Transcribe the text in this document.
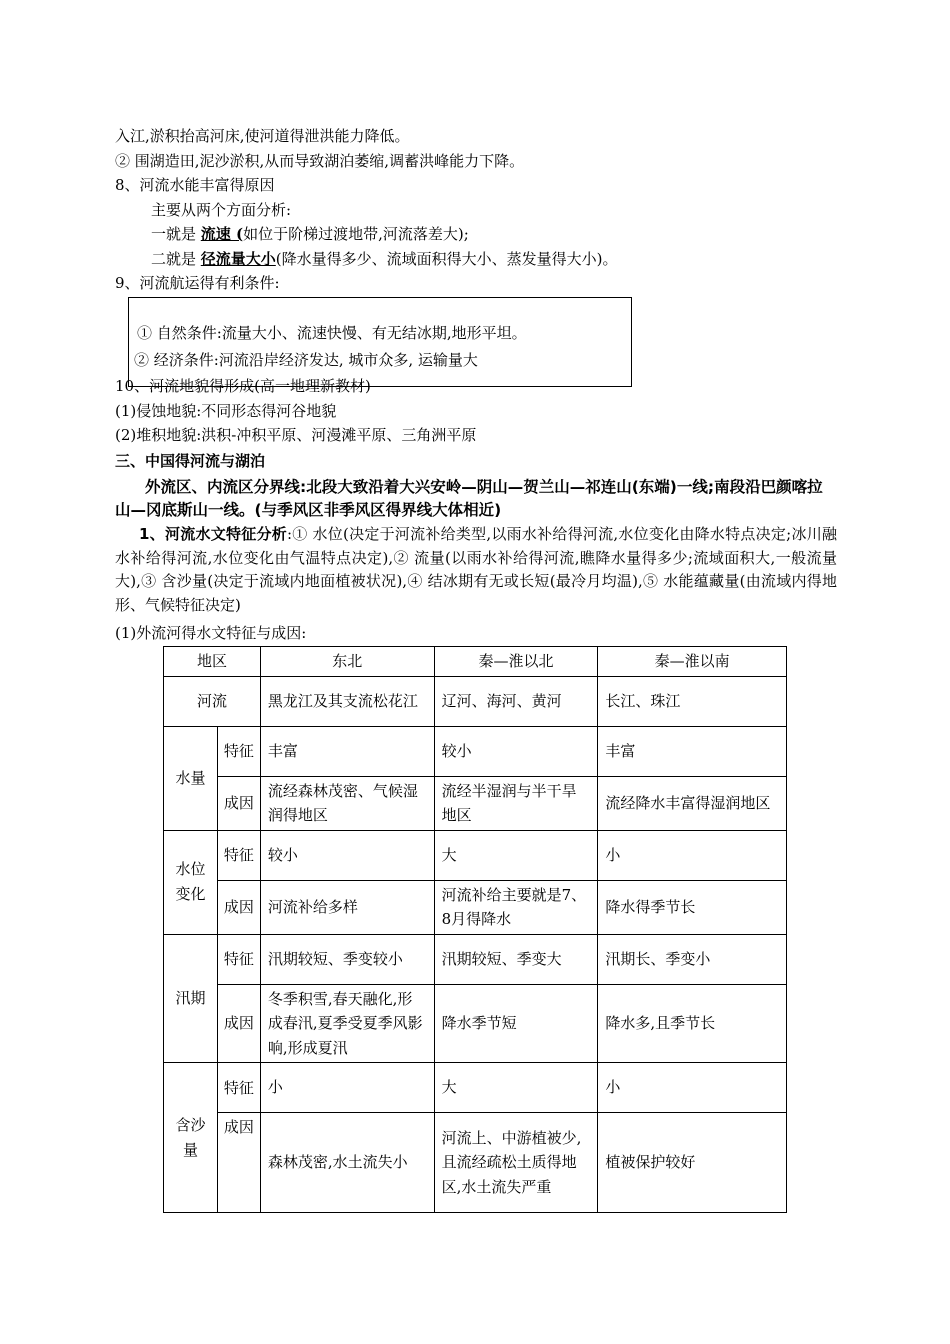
入江,淤积抬高河床,使河道得泄洪能力降低。
② 围湖造田,泥沙淤积,从而导致湖泊萎缩,调蓄洪峰能力下降。
8、河流水能丰富得原因
主要从两个方面分析:
一就是 流速 (如位于阶梯过渡地带,河流落差大);
二就是 径流量大小(降水量得多少、流域面积得大小、蒸发量得大小)。
9、河流航运得有利条件:
① 自然条件:流量大小、流速快慢、有无结冰期,地形平坦。
② 经济条件:河流沿岸经济发达, 城市众多, 运输量大
10、河流地貌得形成(高一地理新教材)
(1)侵蚀地貌:不同形态得河谷地貌
(2)堆积地貌:洪积-冲积平原、河漫滩平原、三角洲平原
三、中国得河流与湖泊
外流区、内流区分界线:北段大致沿着大兴安岭—阴山—贺兰山—祁连山(东端)一线;南段沿巴颜喀拉山—冈底斯山一线。(与季风区非季风区得界线大体相近)
1、河流水文特征分析:① 水位(决定于河流补给类型,以雨水补给得河流,水位变化由降水特点决定;冰川融水补给得河流,水位变化由气温特点决定),② 流量(以雨水补给得河流,瞧降水量得多少;流域面积大,一般流量大),③ 含沙量(决定于流域内地面植被状况),④ 结冰期有无或长短(最冷月均温),⑤ 水能蕴藏量(由流域内得地形、气候特征决定)
(1)外流河得水文特征与成因:
地区		东北	秦—淮以北	秦—淮以南
河流		黑龙江及其支流松花江	辽河、海河、黄河	长江、珠江
水量	特征	丰富	较小	丰富
	成因	流经森林茂密、气候湿润得地区	流经半湿润与半干旱地区	流经降水丰富得湿润地区
水位变化	特征	较小	大	小
	成因	河流补给多样	河流补给主要就是7、8月得降水	降水得季节长
汛期	特征	汛期较短、季变较小	汛期较短、季变大	汛期长、季变小
	成因	冬季积雪,春天融化,形成春汛,夏季受夏季风影响,形成夏汛	降水季节短	降水多,且季节长
含沙量	特征	小	大	小
	成因	森林茂密,水土流失小	河流上、中游植被少,且流经疏松土质得地区,水土流失严重	植被保护较好
